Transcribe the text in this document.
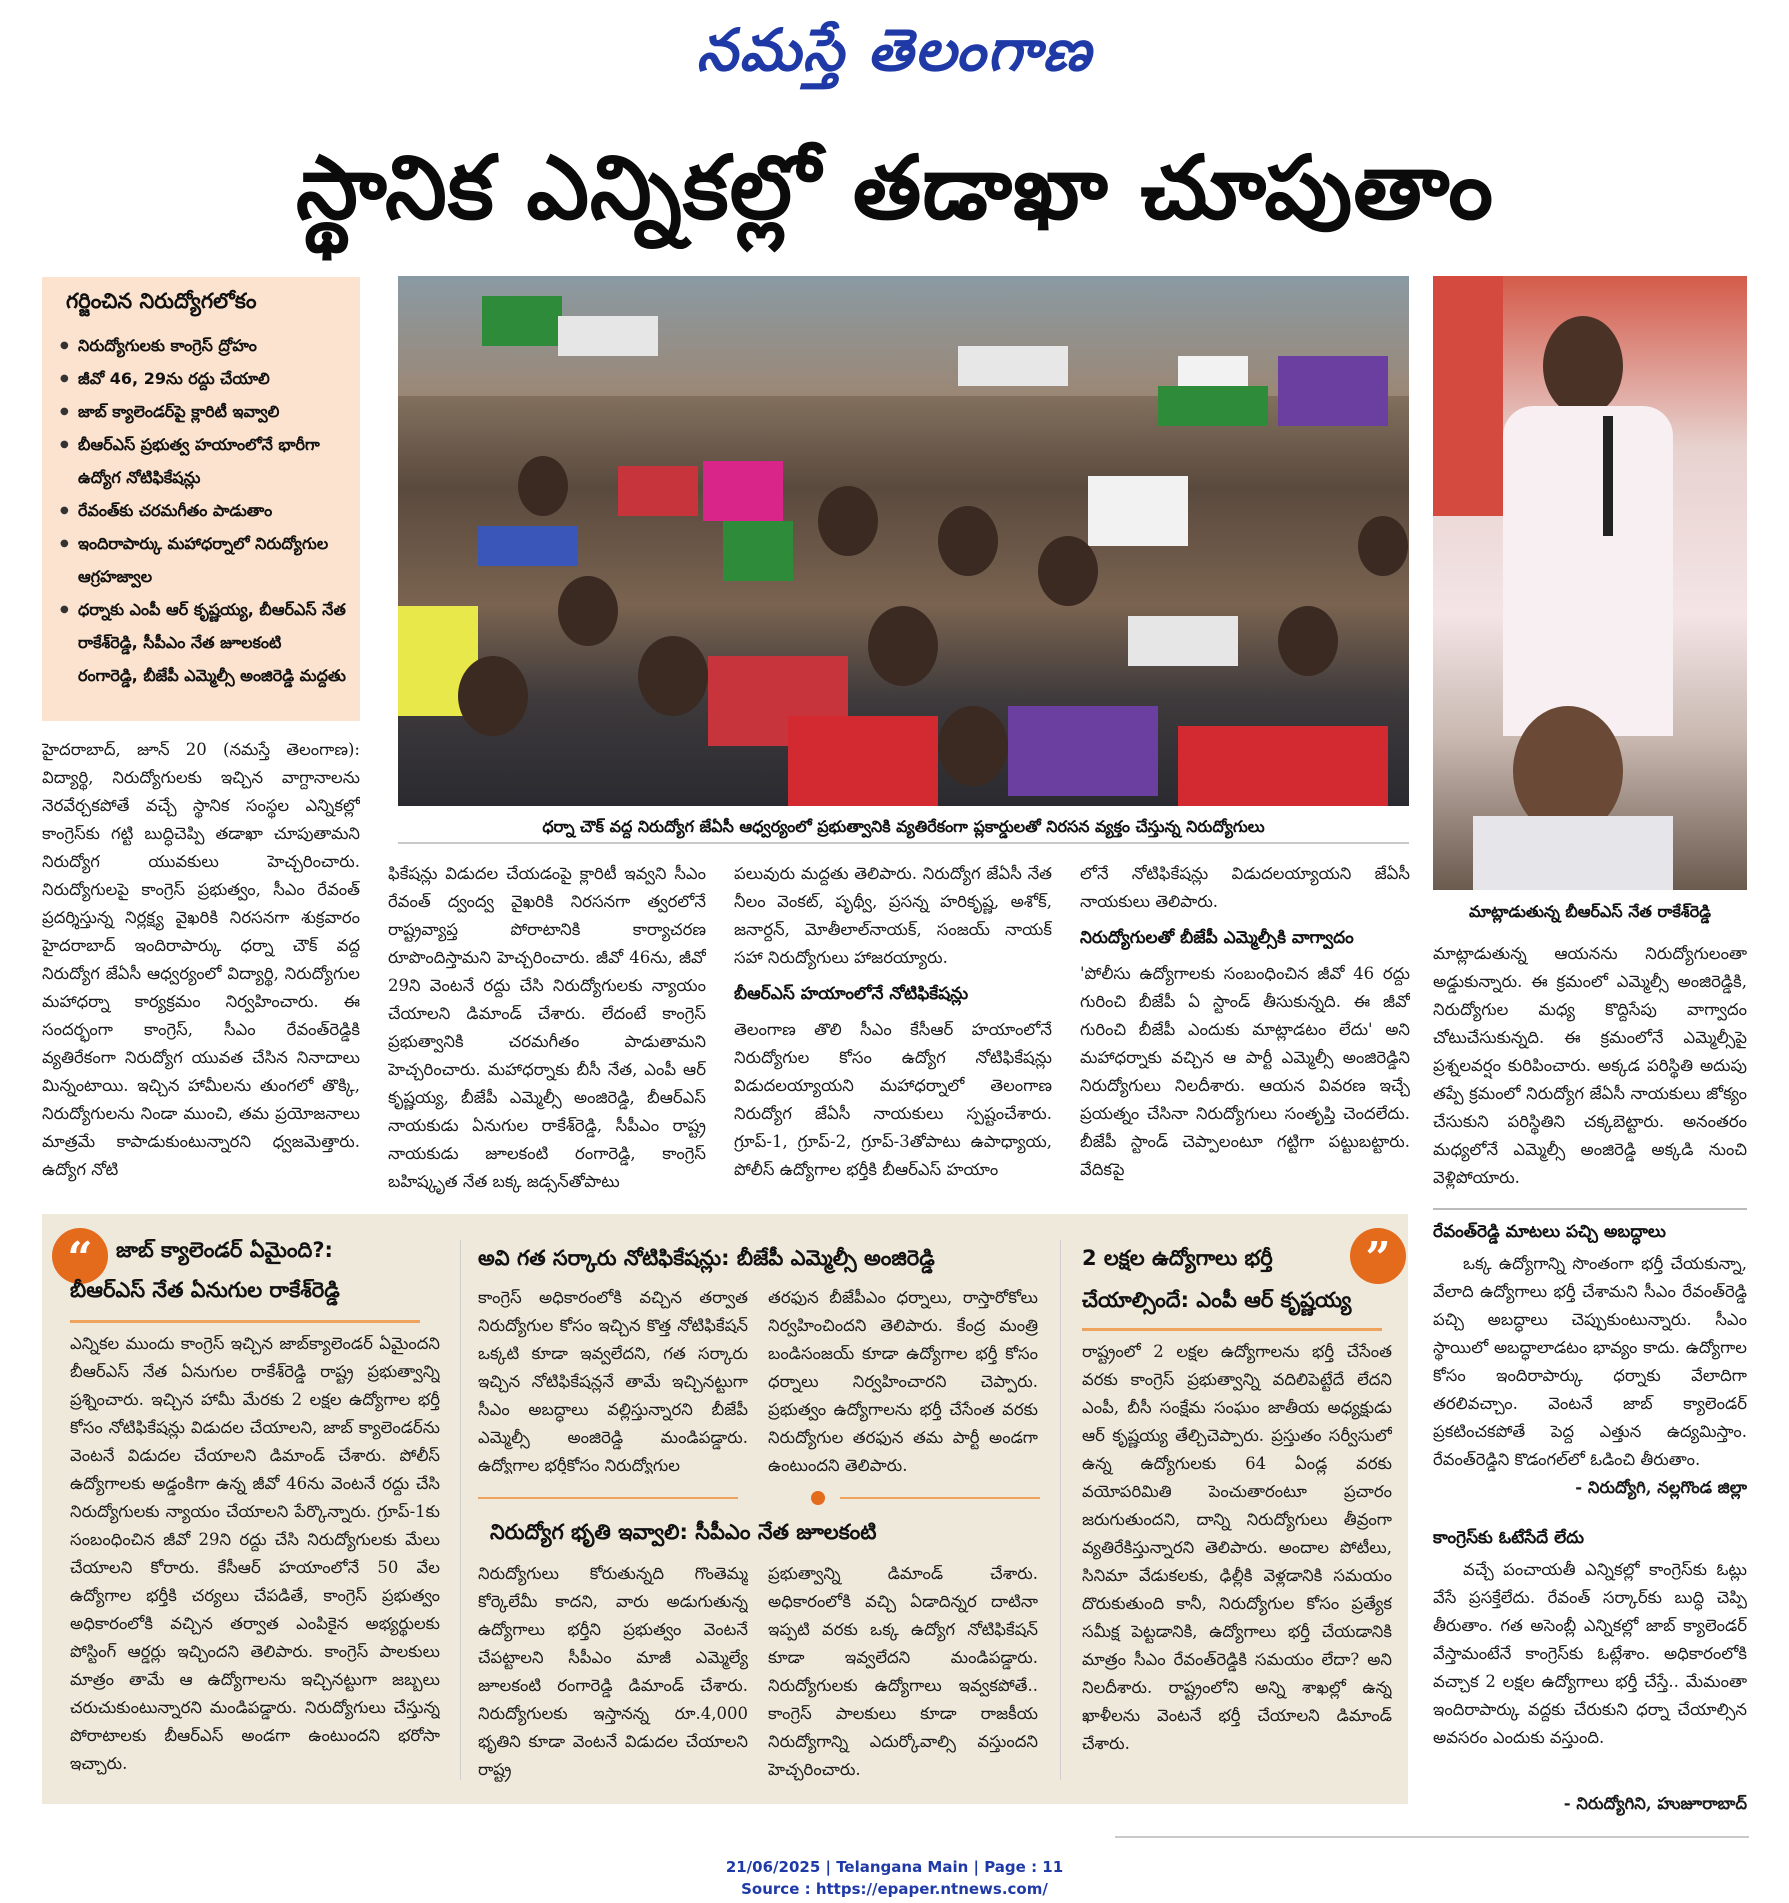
నమస్తే తెలంగాణ
స్థానిక ఎన్నికల్లో తడాఖా చూపుతాం
గర్జించిన నిరుద్యోగలోకం
● నిరుద్యోగులకు కాంగ్రెస్ ద్రోహం
● జీవో 46, 29ను రద్దు చేయాలి
● జాబ్ క్యాలెండర్‌పై క్లారిటీ ఇవ్వాలి
● బీఆర్‌ఎస్ ప్రభుత్వ హయాంలోనే భారీగా ఉద్యోగ నోటిఫికేషన్లు
● రేవంత్‌కు చరమగీతం పాడుతాం
● ఇందిరాపార్కు మహాధర్నాలో నిరుద్యోగుల ఆగ్రహజ్వాల
● ధర్నాకు ఎంపీ ఆర్ కృష్ణయ్య, బీఆర్‌ఎస్ నేత రాకేశ్‌రెడ్డి, సీపీఎం నేత జూలకంటి రంగారెడ్డి, బీజేపీ ఎమ్మెల్సీ అంజిరెడ్డి మద్దతు

హైదరాబాద్, జూన్ 20 (నమస్తే తెలంగాణ): విద్యార్థి, నిరుద్యోగులకు ఇచ్చిన వాగ్దానాలను నెరవేర్చకపోతే వచ్చే స్థానిక సంస్థల ఎన్నికల్లో కాంగ్రెస్‌కు గట్టి బుద్ధిచెప్పి తడాఖా చూపుతామని నిరుద్యోగ యువకులు హెచ్చరించారు. నిరుద్యోగులపై కాంగ్రెస్ ప్రభుత్వం, సీఎం రేవంత్ ప్రదర్శిస్తున్న నిర్లక్ష్య వైఖరికి నిరసనగా శుక్రవారం హైదరాబాద్ ఇందిరాపార్కు ధర్నా చౌక్ వద్ద నిరుద్యోగ జేఏసీ ఆధ్వర్యంలో విద్యార్థి, నిరుద్యోగుల మహాధర్నా కార్యక్రమం నిర్వహించారు. ఈ సందర్భంగా కాంగ్రెస్, సీఎం రేవంత్‌రెడ్డికి వ్యతిరేకంగా నిరుద్యోగ యువత చేసిన నినాదాలు మిన్నంటాయి. ఇచ్చిన హామీలను తుంగలో తొక్కి, నిరుద్యోగులను నిండా ముంచి, తమ ప్రయోజనాలు మాత్రమే కాపాడుకుంటున్నారని ధ్వజమెత్తారు. ఉద్యోగ నోటి

ధర్నా చౌక్ వద్ద నిరుద్యోగ జేఏసీ ఆధ్వర్యంలో ప్రభుత్వానికి వ్యతిరేకంగా ప్లకార్డులతో నిరసన వ్యక్తం చేస్తున్న నిరుద్యోగులు
మాట్లాడుతున్న బీఆర్‌ఎస్ నేత రాకేశ్‌రెడ్డి

ఫికేషన్లు విడుదల చేయడంపై క్లారిటీ ఇవ్వని సీఎం రేవంత్ ద్వంద్వ వైఖరికి నిరసనగా త్వరలోనే రాష్ట్రవ్యాప్త పోరాటానికి కార్యాచరణ రూపొందిస్తామని హెచ్చరించారు. జీవో 46ను, జీవో 29ని వెంటనే రద్దు చేసి నిరుద్యోగులకు న్యాయం చేయాలని డిమాండ్ చేశారు. లేదంటే కాంగ్రెస్ ప్రభుత్వానికి చరమగీతం పాడుతామని హెచ్చరించారు. మహాధర్నాకు బీసీ నేత, ఎంపీ ఆర్ కృష్ణయ్య, బీజేపీ ఎమ్మెల్సీ అంజిరెడ్డి, బీఆర్‌ఎస్ నాయకుడు ఏనుగుల రాకేశ్‌రెడ్డి, సీపీఎం రాష్ట్ర నాయకుడు జూలకంటి రంగారెడ్డి, కాంగ్రెస్ బహిష్కృత నేత బక్క జడ్సన్‌తోపాటు

పలువురు మద్దతు తెలిపారు. నిరుద్యోగ జేఏసీ నేత నీలం వెంకట్, పృథ్వీ, ప్రసన్న హరికృష్ణ, అశోక్, జనార్దన్, మోతీలాల్‌నాయక్, సంజయ్ నాయక్ సహా నిరుద్యోగులు హాజరయ్యారు.

బీఆర్‌ఎస్ హయాంలోనే నోటిఫికేషన్లు

తెలంగాణ తొలి సీఎం కేసీఆర్ హయాంలోనే నిరుద్యోగుల కోసం ఉద్యోగ నోటిఫికేషన్లు విడుదలయ్యాయని మహాధర్నాలో తెలంగాణ నిరుద్యోగ జేఏసీ నాయకులు స్పష్టంచేశారు. గ్రూప్-1, గ్రూప్-2, గ్రూప్-3తోపాటు ఉపాధ్యాయ, పోలీస్ ఉద్యోగాల భర్తీకి బీఆర్‌ఎస్ హయాం

లోనే నోటిఫికేషన్లు విడుదలయ్యాయని జేఏసీ నాయకులు తెలిపారు.

నిరుద్యోగులతో బీజేపీ ఎమ్మెల్సీకి వాగ్వాదం

'పోలీసు ఉద్యోగాలకు సంబంధించిన జీవో 46 రద్దు గురించి బీజేపీ ఏ స్టాండ్ తీసుకున్నది. ఈ జీవో గురించి బీజేపీ ఎందుకు మాట్లాడటం లేదు' అని మహాధర్నాకు వచ్చిన ఆ పార్టీ ఎమ్మెల్సీ అంజిరెడ్డిని నిరుద్యోగులు నిలదీశారు. ఆయన వివరణ ఇచ్చే ప్రయత్నం చేసినా నిరుద్యోగులు సంతృప్తి చెందలేదు. బీజేపీ స్టాండ్ చెప్పాలంటూ గట్టిగా పట్టుబట్టారు. వేదికపై

మాట్లాడుతున్న ఆయనను నిరుద్యోగులంతా అడ్డుకున్నారు. ఈ క్రమంలో ఎమ్మెల్సీ అంజిరెడ్డికి, నిరుద్యోగుల మధ్య కొద్దిసేపు వాగ్వాదం చోటుచేసుకున్నది. ఈ క్రమంలోనే ఎమ్మెల్సీపై ప్రశ్నలవర్షం కురిపించారు. అక్కడ పరిస్థితి అదుపు తప్పే క్రమంలో నిరుద్యోగ జేఏసీ నాయకులు జోక్యం చేసుకుని పరిస్థితిని చక్కబెట్టారు. అనంతరం మధ్యలోనే ఎమ్మెల్సీ అంజిరెడ్డి అక్కడి నుంచి వెళ్లిపోయారు.

“	”
జాబ్ క్యాలెండర్ ఏమైంది?:
బీఆర్‌ఎస్ నేత ఏనుగుల రాకేశ్‌రెడ్డి

ఎన్నికల ముందు కాంగ్రెస్ ఇచ్చిన జాబ్‌క్యాలెండర్ ఏమైందని బీఆర్‌ఎస్ నేత ఏనుగుల రాకేశ్‌రెడ్డి రాష్ట్ర ప్రభుత్వాన్ని ప్రశ్నించారు. ఇచ్చిన హామీ మేరకు 2 లక్షల ఉద్యోగాల భర్తీ కోసం నోటిఫికేషన్లు విడుదల చేయాలని, జాబ్ క్యాలెండర్‌ను వెంటనే విడుదల చేయాలని డిమాండ్ చేశారు. పోలీస్ ఉద్యోగాలకు అడ్డంకిగా ఉన్న జీవో 46ను వెంటనే రద్దు చేసి నిరుద్యోగులకు న్యాయం చేయాలని పేర్కొన్నారు. గ్రూప్-1కు సంబంధించిన జీవో 29ని రద్దు చేసి నిరుద్యోగులకు మేలు చేయాలని కోరారు. కేసీఆర్ హయాంలోనే 50 వేల ఉద్యోగాల భర్తీకి చర్యలు చేపడితే, కాంగ్రెస్ ప్రభుత్వం అధికారంలోకి వచ్చిన తర్వాత ఎంపికైన అభ్యర్థులకు పోస్టింగ్ ఆర్డర్లు ఇచ్చిందని తెలిపారు. కాంగ్రెస్ పాలకులు మాత్రం తామే ఆ ఉద్యోగాలను ఇచ్చినట్టుగా జబ్బలు చరుచుకుంటున్నారని మండిపడ్డారు. నిరుద్యోగులు చేస్తున్న పోరాటాలకు బీఆర్‌ఎస్ అండగా ఉంటుందని భరోసా ఇచ్చారు.

అవి గత సర్కారు నోటిఫికేషన్లు: బీజేపీ ఎమ్మెల్సీ అంజిరెడ్డి

కాంగ్రెస్ అధికారంలోకి వచ్చిన తర్వాత నిరుద్యోగుల కోసం ఇచ్చిన కొత్త నోటిఫికేషన్ ఒక్కటి కూడా ఇవ్వలేదని, గత సర్కారు ఇచ్చిన నోటిఫికేషన్లనే తామే ఇచ్చినట్టుగా సీఎం అబద్ధాలు వల్లిస్తున్నారని బీజేపీ ఎమ్మెల్సీ అంజిరెడ్డి మండిపడ్డారు. ఉద్యోగాల భర్తీకోసం నిరుద్యోగుల

తరఫున బీజేపీఎం ధర్నాలు, రాస్తారోకోలు నిర్వహించిందని తెలిపారు. కేంద్ర మంత్రి బండిసంజయ్ కూడా ఉద్యోగాల భర్తీ కోసం ధర్నాలు నిర్వహించారని చెప్పారు. ప్రభుత్వం ఉద్యోగాలను భర్తీ చేసేంత వరకు నిరుద్యోగుల తరఫున తమ పార్టీ అండగా ఉంటుందని తెలిపారు.

నిరుద్యోగ భృతి ఇవ్వాలి: సీపీఎం నేత జూలకంటి

నిరుద్యోగులు కోరుతున్నది గొంతెమ్మ కోర్కెలేమీ కాదని, వారు అడుగుతున్న ఉద్యోగాలు భర్తీని ప్రభుత్వం వెంటనే చేపట్టాలని సీపీఎం మాజీ ఎమ్మెల్యే జూలకంటి రంగారెడ్డి డిమాండ్ చేశారు. నిరుద్యోగులకు ఇస్తానన్న రూ.4,000 భృతిని కూడా వెంటనే విడుదల చేయాలని రాష్ట్ర

ప్రభుత్వాన్ని డిమాండ్ చేశారు. అధికారంలోకి వచ్చి ఏడాదిన్నర దాటినా ఇప్పటి వరకు ఒక్క ఉద్యోగ నోటిఫికేషన్ కూడా ఇవ్వలేదని మండిపడ్డారు. నిరుద్యోగులకు ఉద్యోగాలు ఇవ్వకపోతే.. కాంగ్రెస్ పాలకులు కూడా రాజకీయ నిరుద్యోగాన్ని ఎదుర్కోవాల్సి వస్తుందని హెచ్చరించారు.

2 లక్షల ఉద్యోగాలు భర్తీ
చేయాల్సిందే: ఎంపీ ఆర్ కృష్ణయ్య

రాష్ట్రంలో 2 లక్షల ఉద్యోగాలను భర్తీ చేసేంత వరకు కాంగ్రెస్ ప్రభుత్వాన్ని వదిలిపెట్టేదే లేదని ఎంపీ, బీసీ సంక్షేమ సంఘం జాతీయ అధ్యక్షుడు ఆర్ కృష్ణయ్య తేల్చిచెప్పారు. ప్రస్తుతం సర్వీసులో ఉన్న ఉద్యోగులకు 64 ఏండ్ల వరకు వయోపరిమితి పెంచుతారంటూ ప్రచారం జరుగుతుందని, దాన్ని నిరుద్యోగులు తీవ్రంగా వ్యతిరేకిస్తున్నారని తెలిపారు. అందాల పోటీలు, సినిమా వేడుకలకు, ఢిల్లీకి వెళ్లడానికి సమయం దొరుకుతుంది కానీ, నిరుద్యోగుల కోసం ప్రత్యేక సమీక్ష పెట్టడానికి, ఉద్యోగాలు భర్తీ చేయడానికి మాత్రం సీఎం రేవంత్‌రెడ్డికి సమయం లేదా? అని నిలదీశారు. రాష్ట్రంలోని అన్ని శాఖల్లో ఉన్న ఖాళీలను వెంటనే భర్తీ చేయాలని డిమాండ్ చేశారు.

రేవంత్‌రెడ్డి మాటలు పచ్చి అబద్ధాలు

ఒక్క ఉద్యోగాన్ని సొంతంగా భర్తీ చేయకున్నా, వేలాది ఉద్యోగాలు భర్తీ చేశామని సీఎం రేవంత్‌రెడ్డి పచ్చి అబద్ధాలు చెప్పుకుంటున్నారు. సీఎం స్థాయిలో అబద్ధాలాడటం భావ్యం కాదు. ఉద్యోగాల కోసం ఇందిరాపార్కు ధర్నాకు వేలాదిగా తరలివచ్చాం. వెంటనే జాబ్ క్యాలెండర్ ప్రకటించకపోతే పెద్ద ఎత్తున ఉద్యమిస్తాం. రేవంత్‌రెడ్డిని కొడంగల్‌లో ఓడించి తీరుతాం.

- నిరుద్యోగి, నల్లగొండ జిల్లా
కాంగ్రెస్‌కు ఓటేసేదే లేదు

వచ్చే పంచాయతీ ఎన్నికల్లో కాంగ్రెస్‌కు ఓట్లు వేసే ప్రసక్తేలేదు. రేవంత్ సర్కార్‌కు బుద్ధి చెప్పి తీరుతాం. గత అసెంబ్లీ ఎన్నికల్లో జాబ్ క్యాలెండర్ వేస్తామంటేనే కాంగ్రెస్‌కు ఓట్లేశాం. అధికారంలోకి వచ్చాక 2 లక్షల ఉద్యోగాలు భర్తీ చేస్తే.. మేమంతా ఇందిరాపార్కు వద్దకు చేరుకుని ధర్నా చేయాల్సిన అవసరం ఎందుకు వస్తుంది.

- నిరుద్యోగిని, హుజూరాబాద్
21/06/2025 | Telangana Main | Page : 11
Source : https://epaper.ntnews.com/
